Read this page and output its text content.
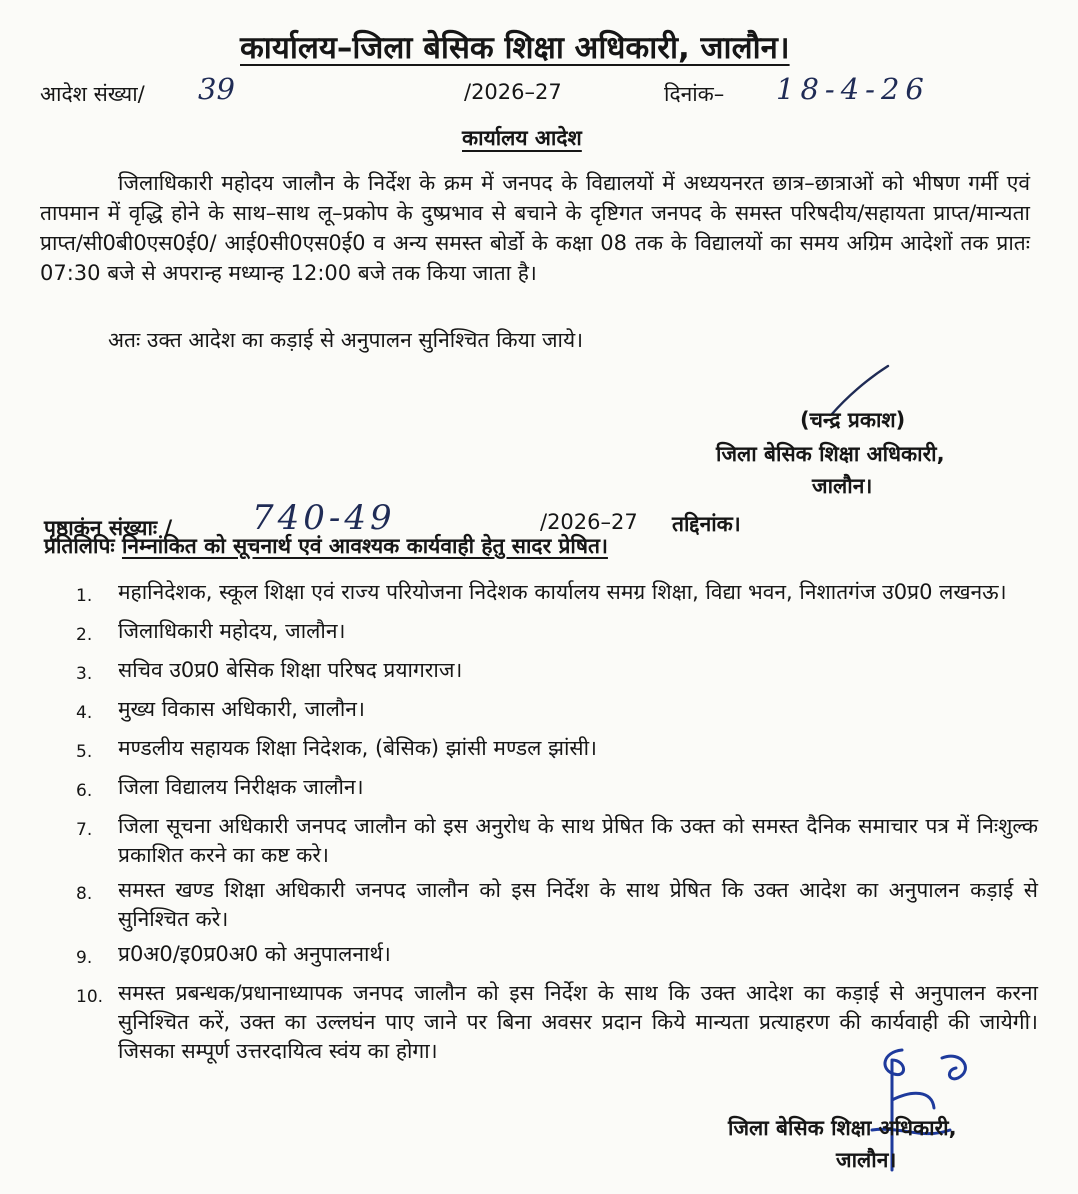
कार्यालय–जिला बेसिक शिक्षा अधिकारी, जालौन।
आदेश संख्या/ 39	/2026–27	दिनांक– 18-4-26
कार्यालय आदेश
जिलाधिकारी महोदय जालौन के निर्देश के क्रम में जनपद के विद्यालयों में अध्ययनरत छात्र–छात्राओं को भीषण गर्मी एवं तापमान में वृद्धि होने के साथ–साथ लू–प्रकोप के दुष्प्रभाव से बचाने के दृष्टिगत जनपद के समस्त परिषदीय/सहायता प्राप्त/मान्यता प्राप्त/सी0बी0एस0ई0/ आई0सी0एस0ई0 व अन्य समस्त बोर्डो के कक्षा 08 तक के विद्यालयों का समय अग्रिम आदेशों तक प्रातः 07:30 बजे से अपरान्ह मध्यान्ह 12:00 बजे तक किया जाता है।
अतः उक्त आदेश का कड़ाई से अनुपालन सुनिश्चित किया जाये।
(चन्द्र प्रकाश)
जिला बेसिक शिक्षा अधिकारी,
जालौन।
पृष्ठाकंन संख्याः / 740-49	/2026–27 तद्दिनांक।
प्रतिलिपिः निम्नांकित को सूचनार्थ एवं आवश्यक कार्यवाही हेतु सादर प्रेषित।
1.	महानिदेशक, स्कूल शिक्षा एवं राज्य परियोजना निदेशक कार्यालय समग्र शिक्षा, विद्या भवन, निशातगंज उ0प्र0 लखनऊ।
2.	जिलाधिकारी महोदय, जालौन।
3.	सचिव उ0प्र0 बेसिक शिक्षा परिषद प्रयागराज।
4.	मुख्य विकास अधिकारी, जालौन।
5.	मण्डलीय सहायक शिक्षा निदेशक, (बेसिक) झांसी मण्डल झांसी।
6.	जिला विद्यालय निरीक्षक जालौन।
7.	जिला सूचना अधिकारी जनपद जालौन को इस अनुरोध के साथ प्रेषित कि उक्त को समस्त दैनिक समाचार पत्र में निःशुल्क प्रकाशित करने का कष्ट करे।
8.	समस्त खण्ड शिक्षा अधिकारी जनपद जालौन को इस निर्देश के साथ प्रेषित कि उक्त आदेश का अनुपालन कड़ाई से सुनिश्चित करे।
9.	प्र0अ0/इ0प्र0अ0 को अनुपालनार्थ।
10. समस्त प्रबन्धक/प्रधानाध्यापक जनपद जालौन को इस निर्देश के साथ कि उक्त आदेश का कड़ाई से अनुपालन करना सुनिश्चित करें, उक्त का उल्लघंन पाए जाने पर बिना अवसर प्रदान किये मान्यता प्रत्याहरण की कार्यवाही की जायेगी। जिसका सम्पूर्ण उत्तरदायित्व स्वंय का होगा।
जिला बेसिक शिक्षा अधिकारी,
जालौन।
